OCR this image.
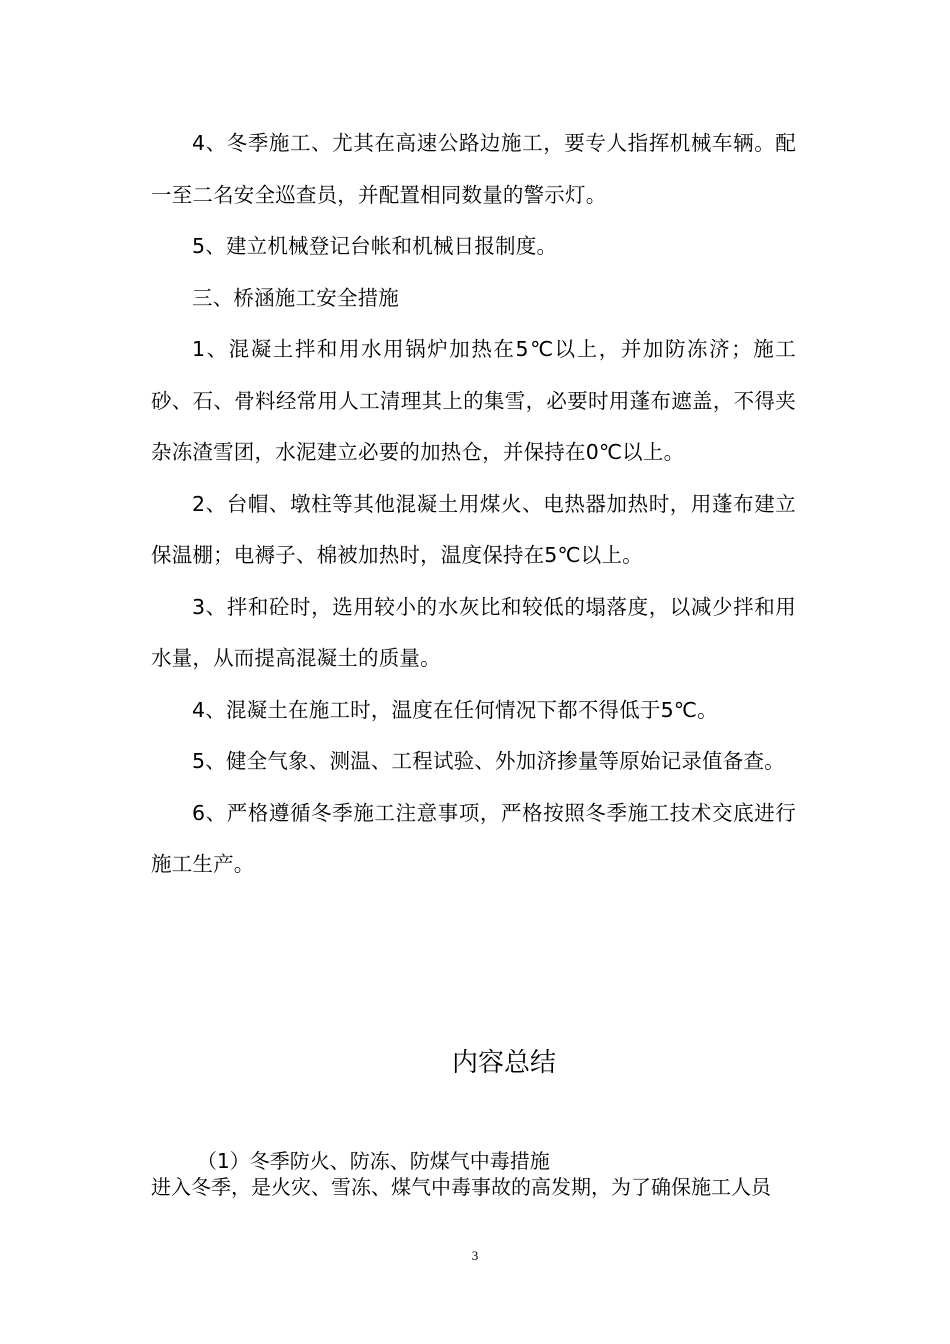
4、冬季施工、尤其在高速公路边施工，要专人指挥机械车辆。配一至二名安全巡查员，并配置相同数量的警示灯。

5、建立机械登记台帐和机械日报制度。

三、桥涵施工安全措施

1、混凝土拌和用水用锅炉加热在5℃以上，并加防冻济；施工砂、石、骨料经常用人工清理其上的集雪，必要时用蓬布遮盖，不得夹杂冻渣雪团，水泥建立必要的加热仓，并保持在0℃以上。

2、台帽、墩柱等其他混凝土用煤火、电热器加热时，用蓬布建立保温棚；电褥子、棉被加热时，温度保持在5℃以上。

3、拌和砼时，选用较小的水灰比和较低的塌落度，以减少拌和用水量，从而提高混凝土的质量。

4、混凝土在施工时，温度在任何情况下都不得低于5℃。

5、健全气象、测温、工程试验、外加济掺量等原始记录值备查。

6、严格遵循冬季施工注意事项，严格按照冬季施工技术交底进行施工生产。

内容总结

（1）冬季防火、防冻、防煤气中毒措施

进入冬季，是火灾、雪冻、煤气中毒事故的高发期，为了确保施工人员

3
